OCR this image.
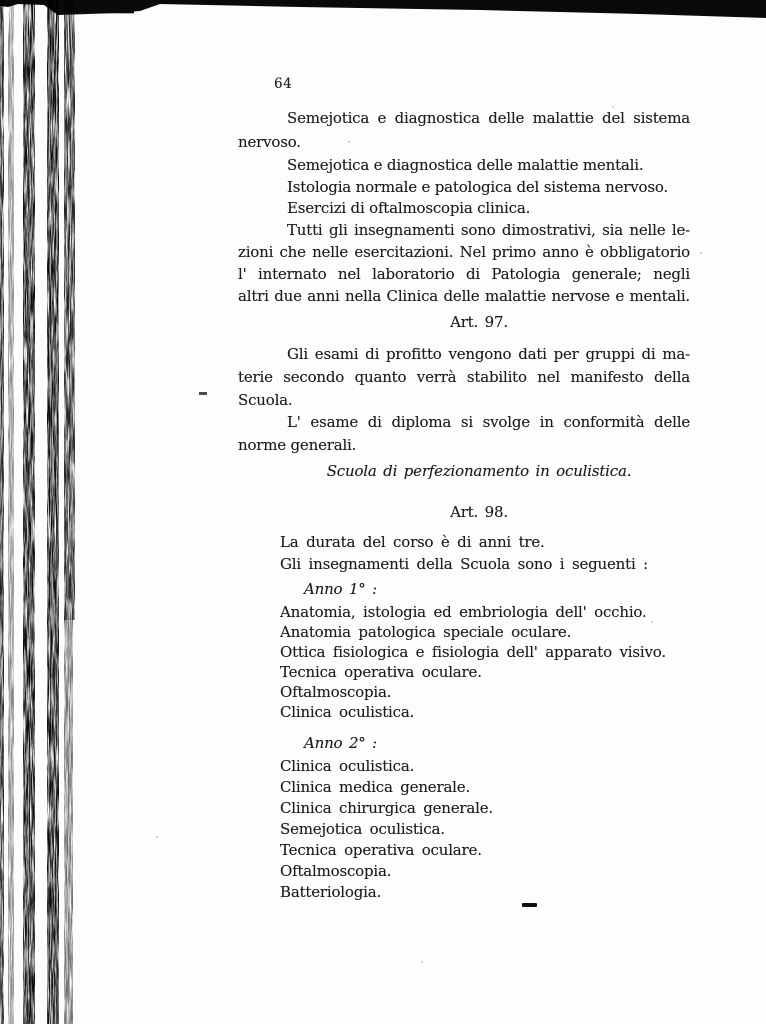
64
Semejotica e diagnostica delle malattie del sistema
nervoso.
Semejotica e diagnostica delle malattie mentali.
Istologia normale e patologica del sistema nervoso.
Esercizi di oftalmoscopia clinica.
Tutti gli insegnamenti sono dimostrativi, sia nelle le-
zioni che nelle esercitazioni. Nel primo anno è obbligatorio
l' internato nel laboratorio di Patologia generale; negli
altri due anni nella Clinica delle malattie nervose e mentali.
Art. 97.
Gli esami di profitto vengono dati per gruppi di ma-
terie secondo quanto verrà stabilito nel manifesto della
Scuola.
L' esame di diploma si svolge in conformità delle
norme generali.
Scuola di perfezionamento in oculistica.
Art. 98.
La durata del corso è di anni tre.
Gli insegnamenti della Scuola sono i seguenti :
Anno 1° :
Anatomia, istologia ed embriologia dell' occhio.
Anatomia patologica speciale oculare.
Ottica fisiologica e fisiologia dell' apparato visivo.
Tecnica operativa oculare.
Oftalmoscopia.
Clinica oculistica.
Anno 2° :
Clinica oculistica.
Clinica medica generale.
Clinica chirurgica generale.
Semejotica oculistica.
Tecnica operativa oculare.
Oftalmoscopia.
Batteriologia.
